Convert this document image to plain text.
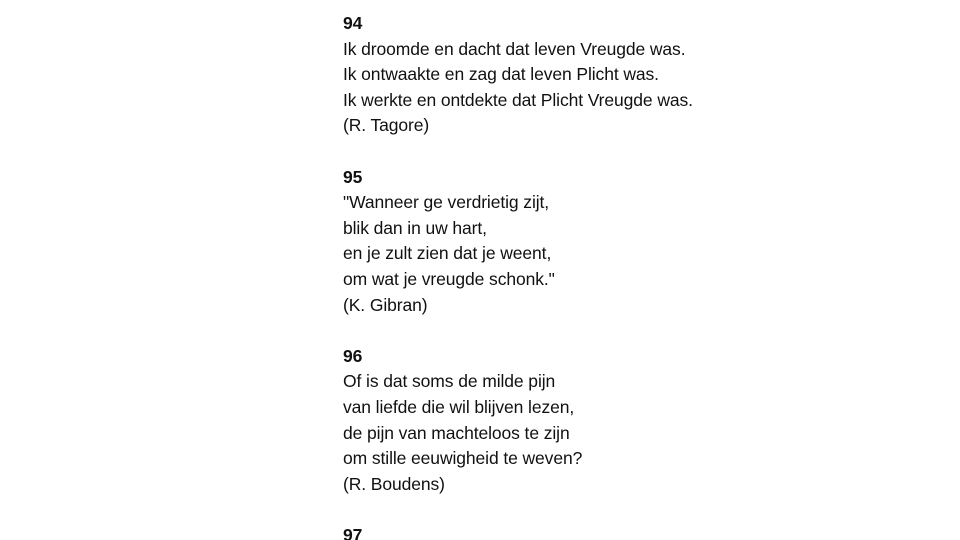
94
Ik droomde en dacht dat leven Vreugde was.
Ik ontwaakte en zag dat leven Plicht was.
Ik werkte en ontdekte dat Plicht Vreugde was.
(R. Tagore)
95
"Wanneer ge verdrietig zijt,
blik dan in uw hart,
en je zult zien dat je weent,
om wat je vreugde schonk."
(K. Gibran)
96
Of is dat soms de milde pijn
van liefde die wil blijven lezen,
de pijn van machteloos te zijn
om stille eeuwigheid te weven?
(R. Boudens)
97
